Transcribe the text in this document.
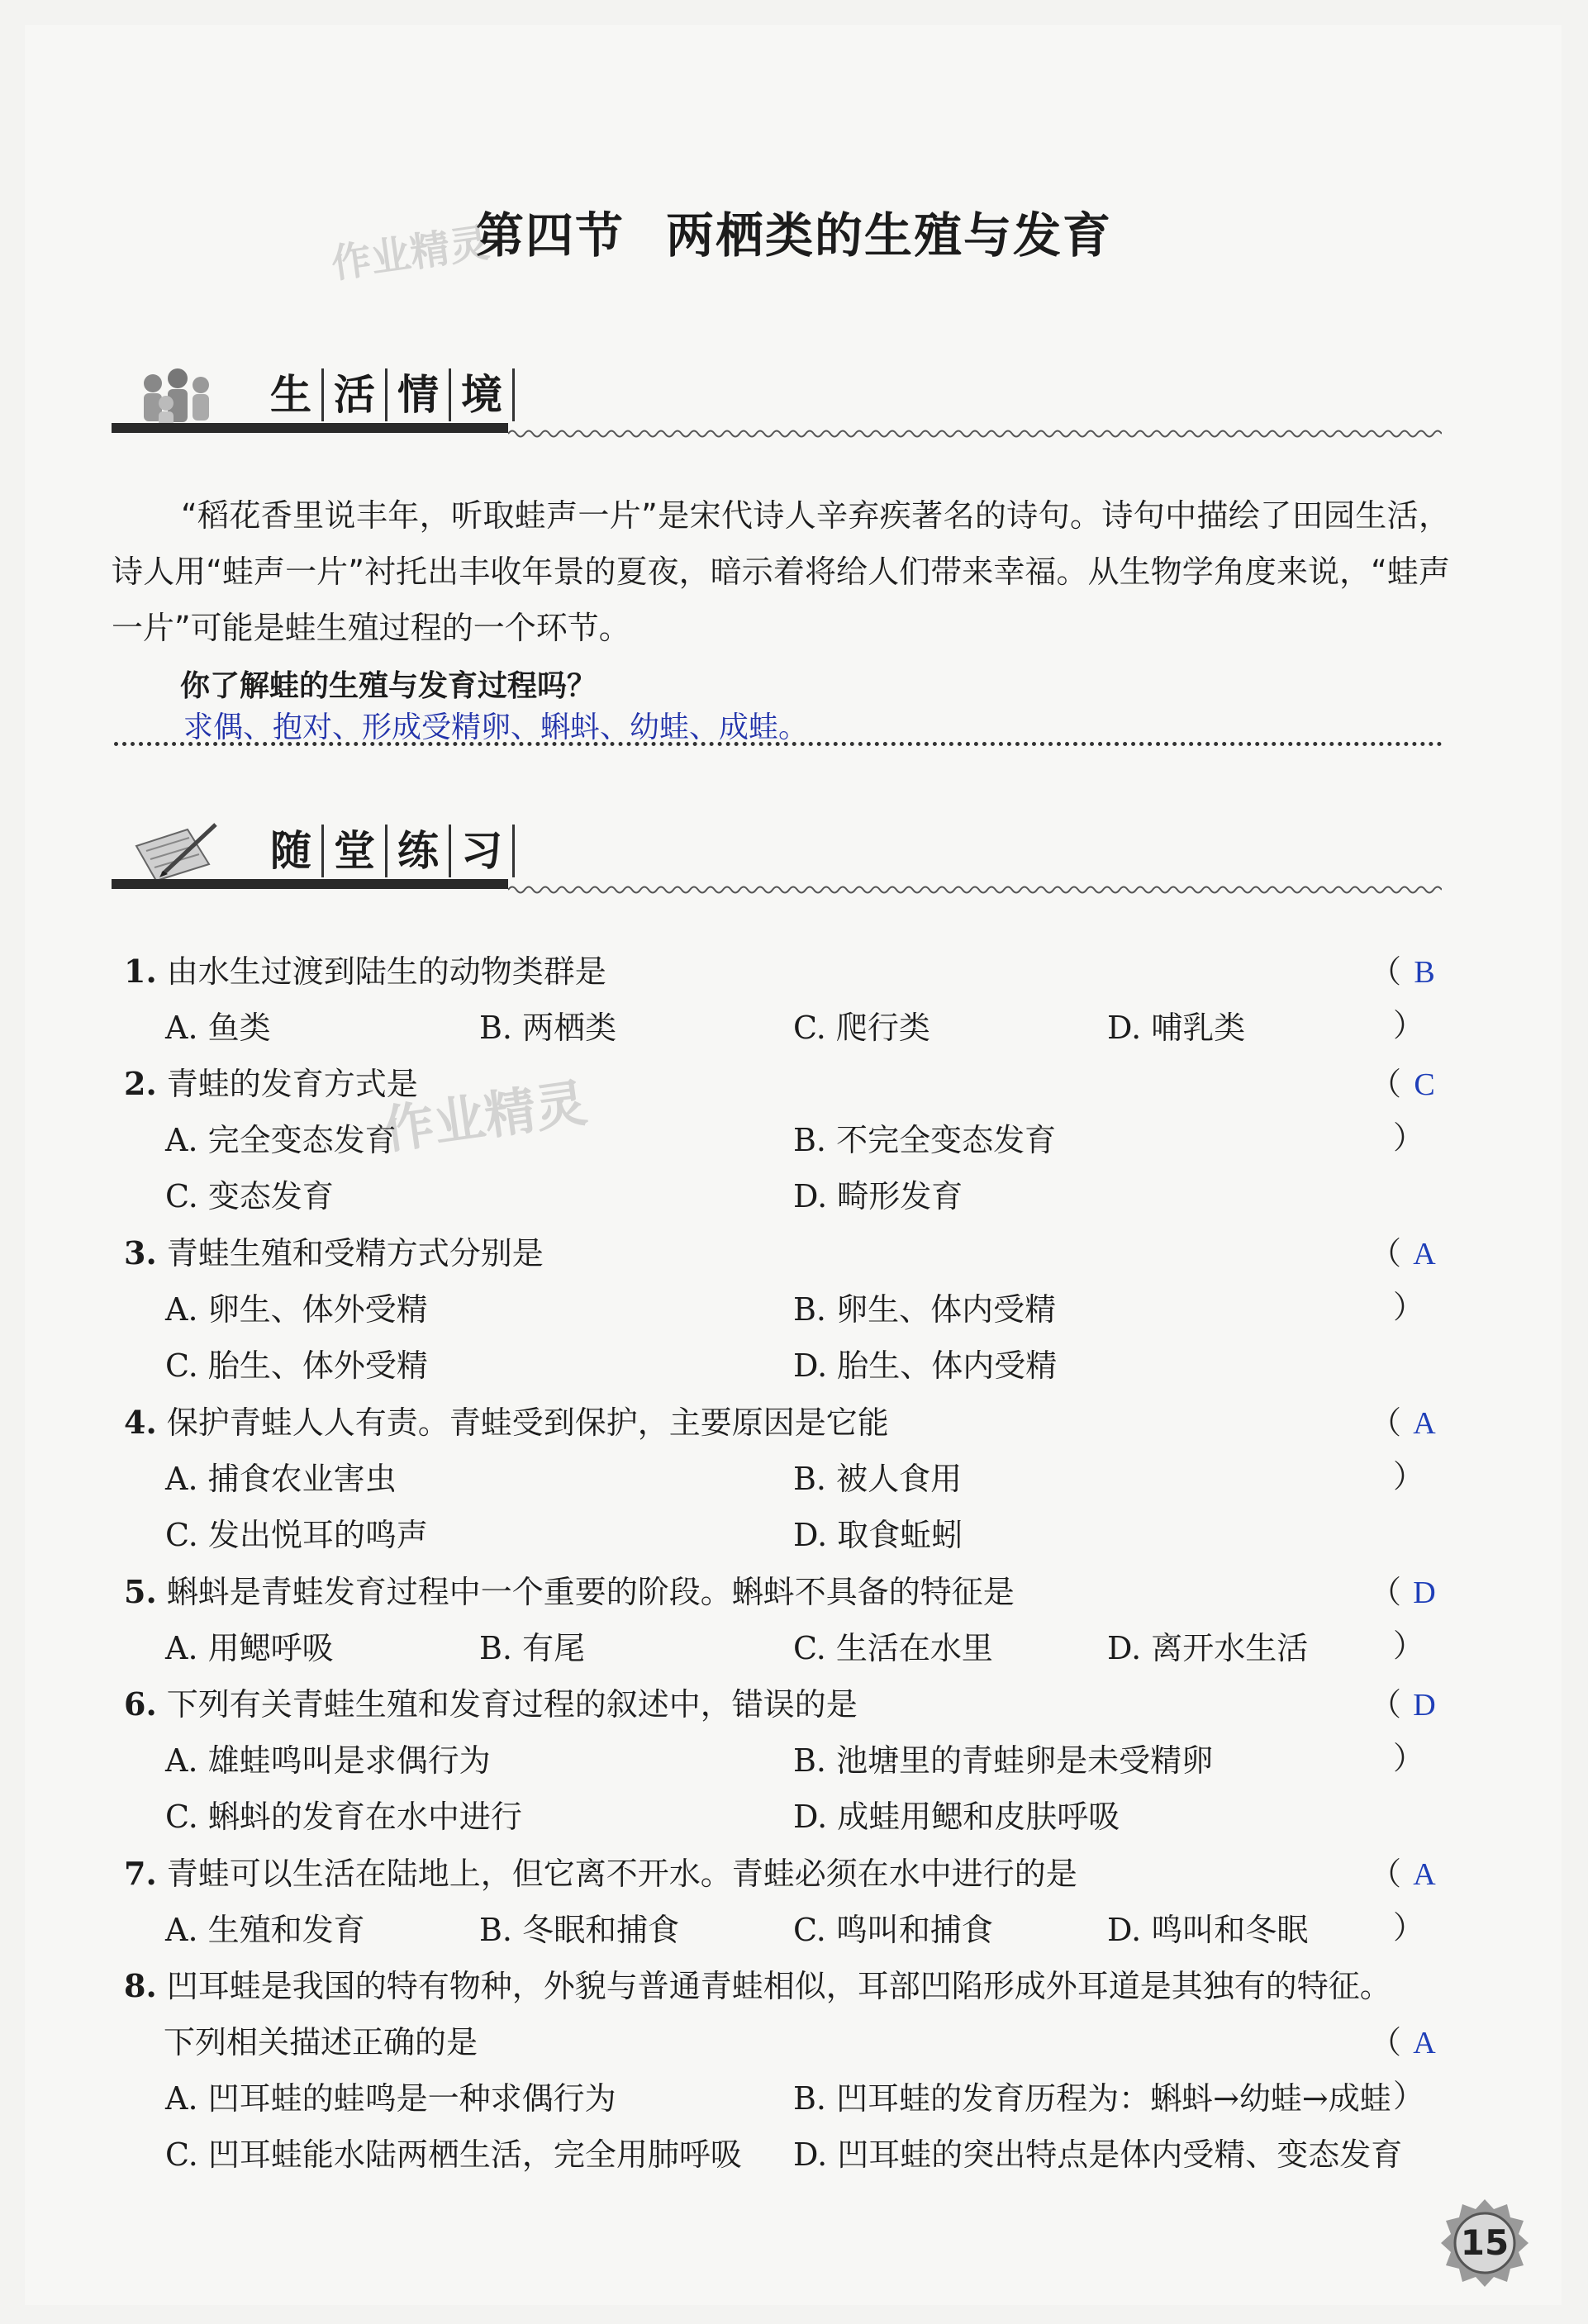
第四节 两栖类的生殖与发育
作业精灵
生 活 情 境
“稻花香里说丰年，听取蛙声一片”是宋代诗人辛弃疾著名的诗句。诗句中描绘了田园生活，诗人用“蛙声一片”衬托出丰收年景的夏夜，暗示着将给人们带来幸福。从生物学角度来说，“蛙声一片”可能是蛙生殖过程的一个环节。
你了解蛙的生殖与发育过程吗？
求偶、抱对、形成受精卵、蝌蚪、幼蛙、成蛙。
随 堂 练 习
作业精灵
1. 由水生过渡到陆生的动物类群是	（ B）
A. 鱼类	B. 两栖类	C. 爬行类	D. 哺乳类
2. 青蛙的发育方式是	（ C）
A. 完全变态发育	B. 不完全变态发育
C. 变态发育	D. 畸形发育
3. 青蛙生殖和受精方式分别是	（ A）
A. 卵生、体外受精	B. 卵生、体内受精
C. 胎生、体外受精	D. 胎生、体内受精
4. 保护青蛙人人有责。青蛙受到保护，主要原因是它能	（ A）
A. 捕食农业害虫	B. 被人食用
C. 发出悦耳的鸣声	D. 取食蚯蚓
5. 蝌蚪是青蛙发育过程中一个重要的阶段。蝌蚪不具备的特征是	（ D）
A. 用鳃呼吸	B. 有尾	C. 生活在水里	D. 离开水生活
6. 下列有关青蛙生殖和发育过程的叙述中，错误的是	（ D）
A. 雄蛙鸣叫是求偶行为	B. 池塘里的青蛙卵是未受精卵
C. 蝌蚪的发育在水中进行	D. 成蛙用鳃和皮肤呼吸
7. 青蛙可以生活在陆地上，但它离不开水。青蛙必须在水中进行的是	（ A）
A. 生殖和发育	B. 冬眠和捕食	C. 鸣叫和捕食	D. 鸣叫和冬眠
8. 凹耳蛙是我国的特有物种，外貌与普通青蛙相似，耳部凹陷形成外耳道是其独有的特征。
下列相关描述正确的是	（ A）
A. 凹耳蛙的蛙鸣是一种求偶行为	B. 凹耳蛙的发育历程为：蝌蚪→幼蛙→成蛙
C. 凹耳蛙能水陆两栖生活，完全用肺呼吸 D. 凹耳蛙的突出特点是体内受精、变态发育
15
